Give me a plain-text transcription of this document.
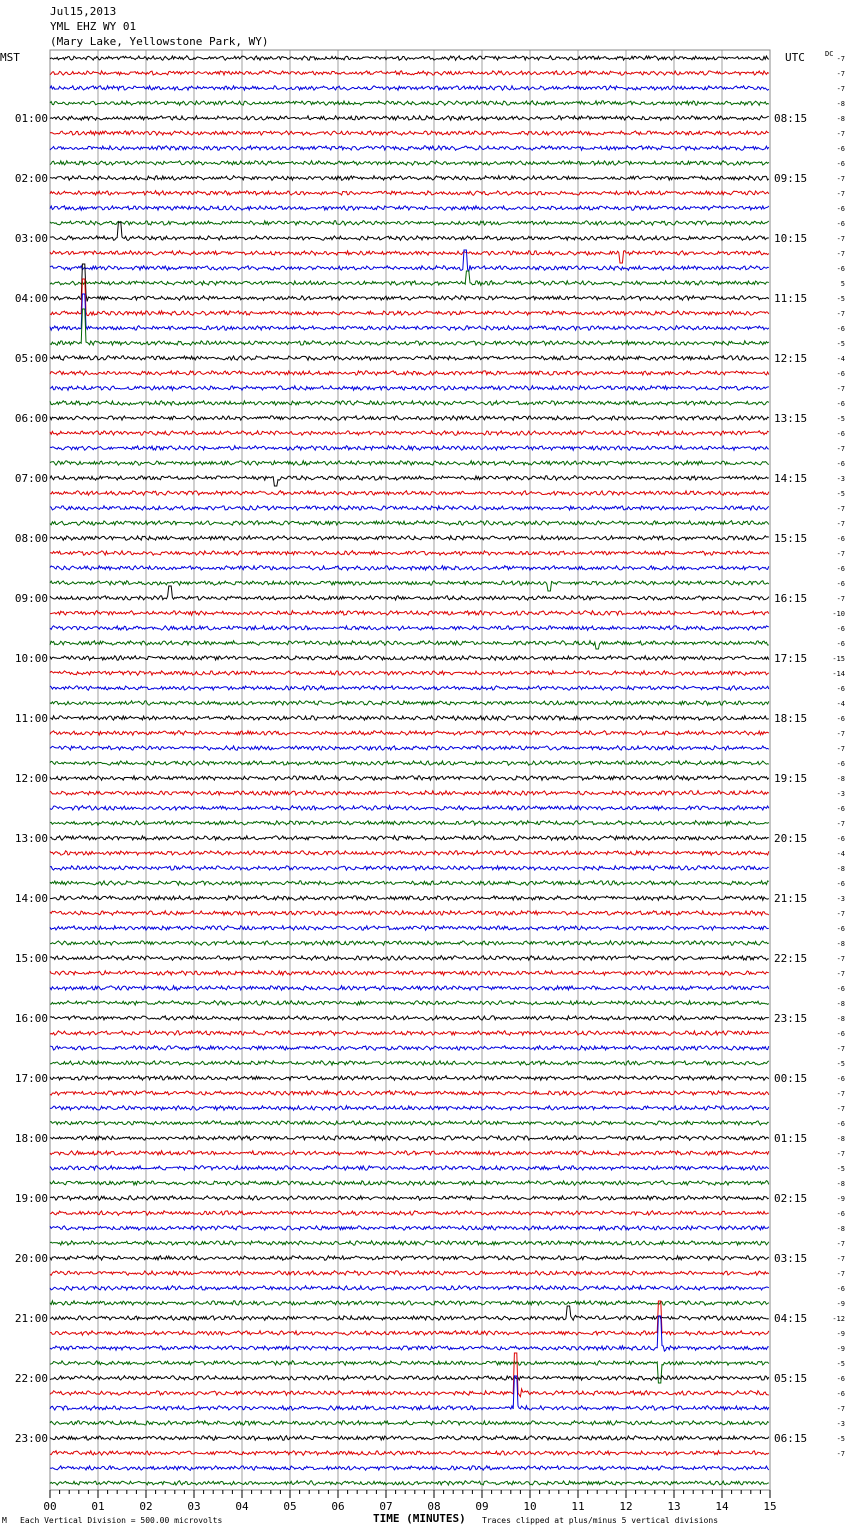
00	01	02	03	04	05	06	07	08	09	10	11	12	13	14	15
01:00
02:00
03:00
04:00
05:00
06:00
07:00
08:00
09:00
10:00
11:00
12:00
13:00
14:00
15:00
16:00
17:00
18:00
19:00
20:00
21:00
22:00
23:00
08:15
09:15
10:15
11:15
12:15
13:15
14:15
15:15
16:15
17:15
18:15
19:15
20:15
21:15
22:15
23:15
00:15
01:15
02:15
03:15
04:15
05:15
06:15
-7
-7
-7
-8
-8
-7
-6
-6
-7
-7
-6
-6
-7
-7
-6
5
-5
-7
-6
-5
-4
-6
-7
-6
-5
-6
-7
-6
-3
-5
-7
-7
-6
-7
-6
-6
-7
-10
-6
-6
-15
-14
-6
-4
-6
-7
-7
-6
-8
-3
-6
-7
-6
-4
-8
-6
-3
-7
-6
-8
-7
-7
-6
-8
-8
-6
-7
-5
-6
-7
-7
-6
-8
-7
-5
-8
-9
-6
-8
-7
-7
-7
-6
-9
-12
-9
-9
-5
-6
-6
-7
-3
-5
-7
Jul15,2013
YML EHZ WY 01
(Mary Lake, Yellowstone Park, WY)
MST	UTC	DC
M Each Vertical Division = 500.00 microvolts	TIME (MINUTES) Traces clipped at plus/minus 5 vertical divisions
